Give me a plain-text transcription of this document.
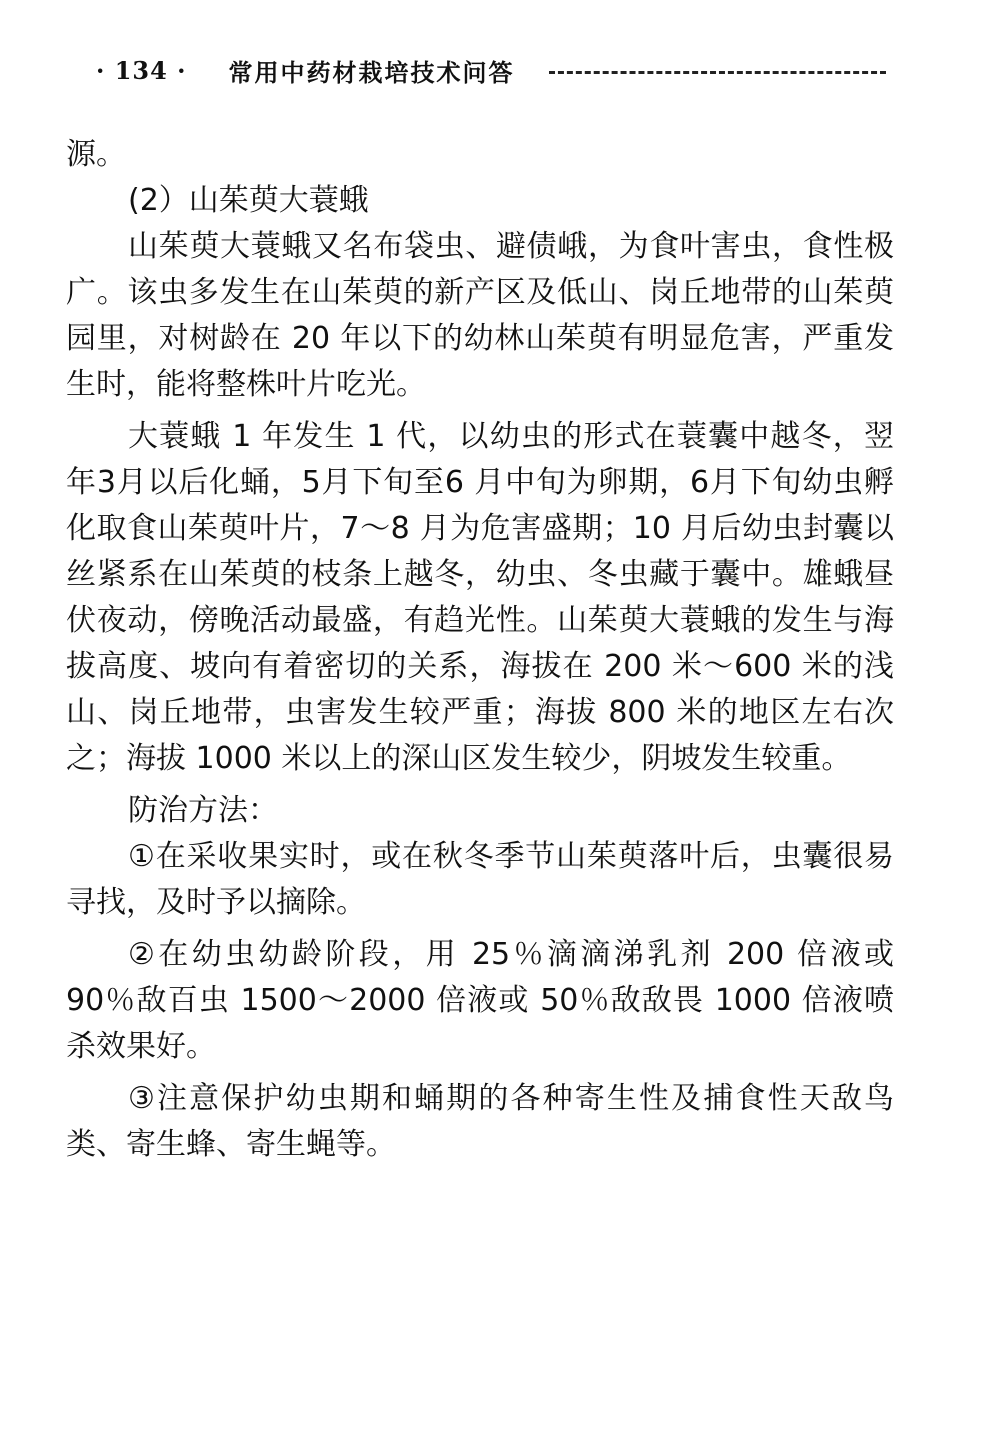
· 134 · 常用中药材栽培技术问答

源。

(2）山茱萸大蓑蛾

山茱萸大蓑蛾又名布袋虫、避债峨，为食叶害虫，食性极广。该虫多发生在山茱萸的新产区及低山、岗丘地带的山茱萸园里，对树龄在 20 年以下的幼林山茱萸有明显危害，严重发生时，能将整株叶片吃光。

大蓑蛾 1 年发生 1 代，以幼虫的形式在蓑囊中越冬，翌年3月以后化蛹，5月下旬至6 月中旬为卵期，6月下旬幼虫孵化取食山茱萸叶片，7～8 月为危害盛期；10 月后幼虫封囊以丝紧系在山茱萸的枝条上越冬，幼虫、冬虫藏于囊中。雄蛾昼伏夜动，傍晚活动最盛，有趋光性。山茱萸大蓑蛾的发生与海拔高度、坡向有着密切的关系，海拔在 200 米～600 米的浅山、岗丘地带，虫害发生较严重；海拔 800 米的地区左右次之；海拔 1000 米以上的深山区发生较少，阴坡发生较重。

防治方法：

①在采收果实时，或在秋冬季节山茱萸落叶后，虫囊很易寻找，及时予以摘除。

②在幼虫幼龄阶段，用 25％滴滴涕乳剂 200 倍液或 90％敌百虫 1500～2000 倍液或 50％敌敌畏 1000 倍液喷杀效果好。

③注意保护幼虫期和蛹期的各种寄生性及捕食性天敌鸟类、寄生蜂、寄生蝇等。
